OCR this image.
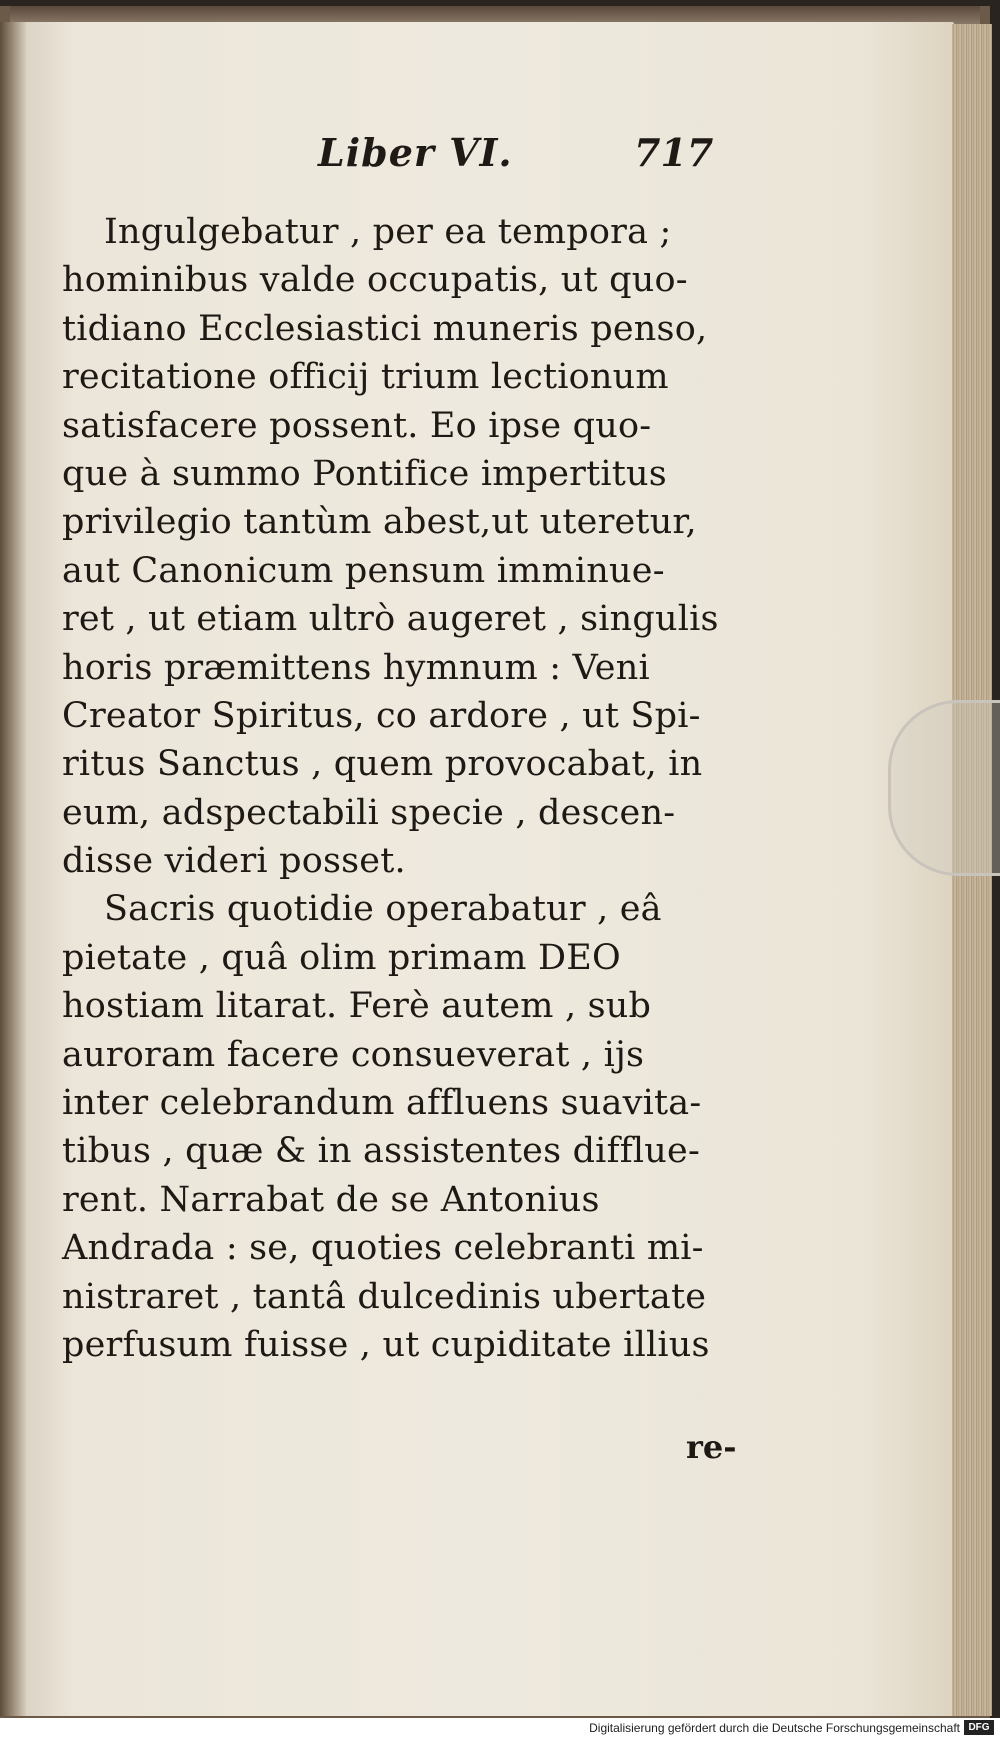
Liber VI.	717
Ingulgebatur , per ea tempora ;
hominibus valde occupatis, ut quo-
tidiano Ecclesiastici muneris penso,
recitatione officij trium lectionum
satisfacere possent. Eo ipse quo-
que à summo Pontifice impertitus
privilegio tantùm abest,ut uteretur,
aut Canonicum pensum imminue-
ret , ut etiam ultrò augeret , singulis
horis præmittens hymnum : Veni
Creator Spiritus, co ardore , ut Spi-
ritus Sanctus , quem provocabat, in
eum, adspectabili specie , descen-
disse videri posset.
Sacris quotidie operabatur , eâ
pietate , quâ olim primam DEO
hostiam litarat. Ferè autem , sub
auroram facere consueverat , ijs
inter celebrandum affluens suavita-
tibus , quæ & in assistentes difflue-
rent. Narrabat de se Antonius
Andrada : se, quoties celebranti mi-
nistraret , tantâ dulcedinis ubertate
perfusum fuisse , ut cupiditate illius
re-
Digitalisierung gefördert durch die Deutsche Forschungsgemeinschaft DFG
